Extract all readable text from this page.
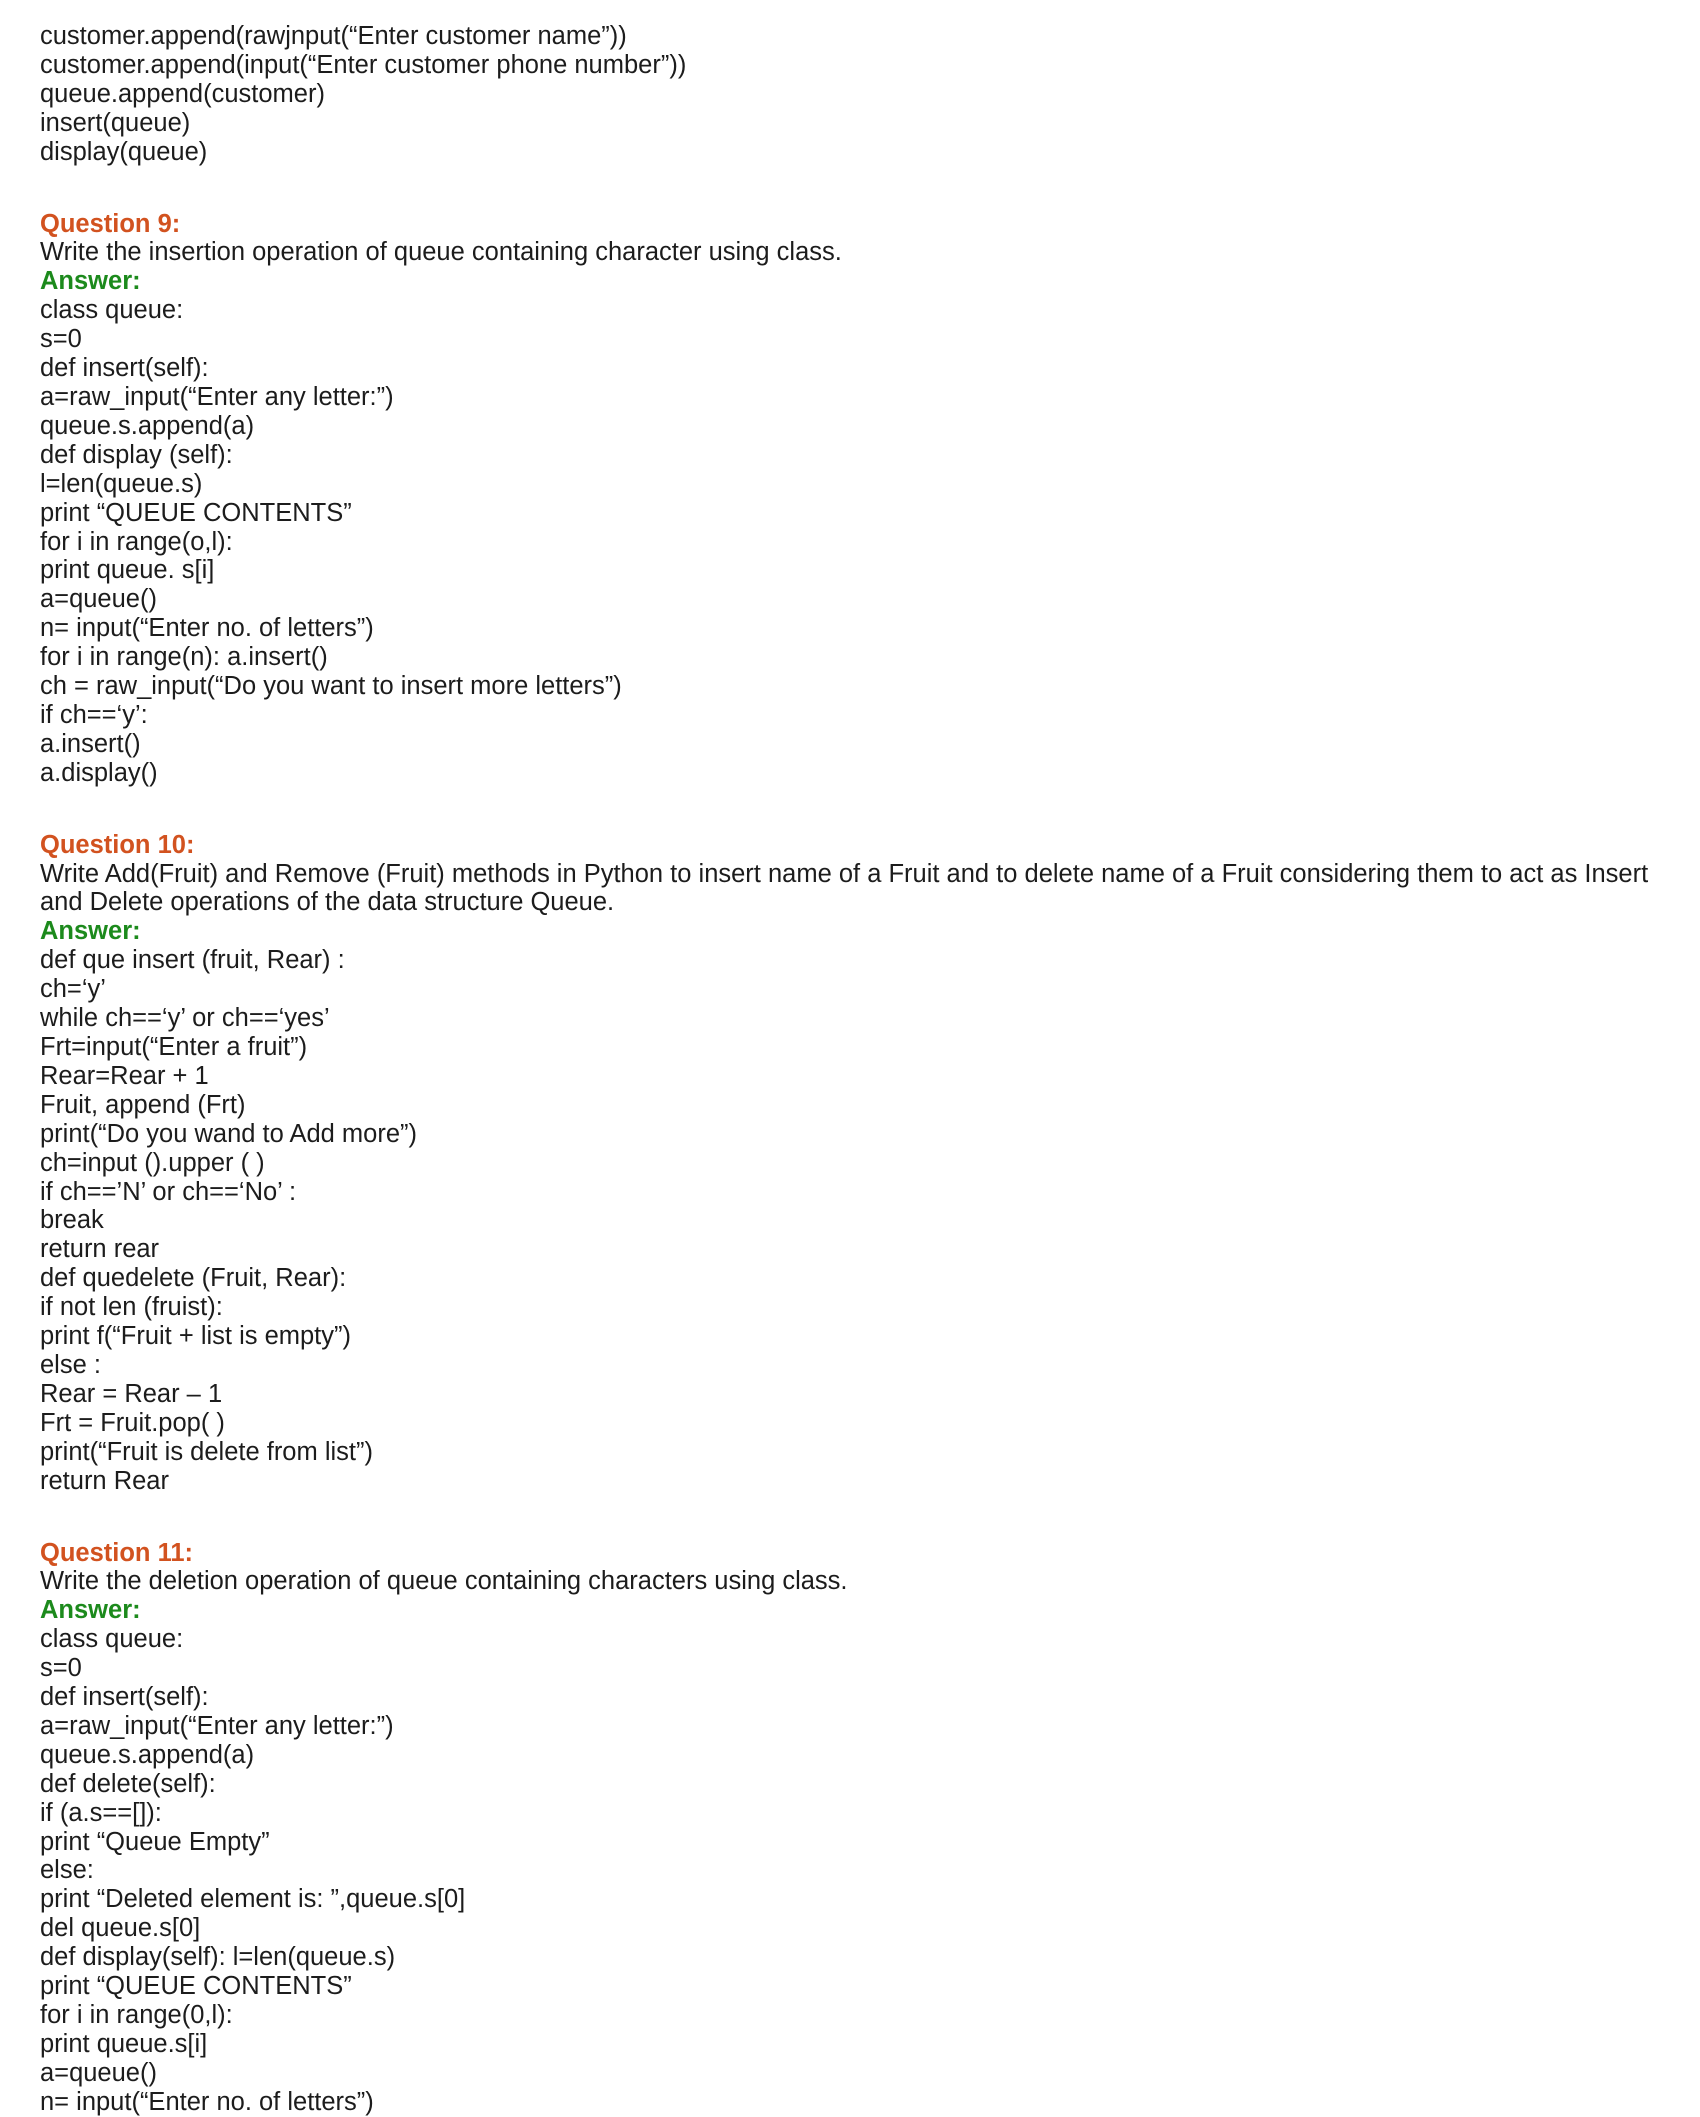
customer.append(rawjnput(“Enter customer name”))
customer.append(input(“Enter customer phone number”))
queue.append(customer)
insert(queue)
display(queue)
Question 9:
Write the insertion operation of queue containing character using class.
Answer:
class queue:
s=0
def insert(self):
a=raw_input(“Enter any letter:”)
queue.s.append(a)
def display (self):
l=len(queue.s)
print “QUEUE CONTENTS”
for i in range(o,l):
print queue. s[i]
a=queue()
n= input(“Enter no. of letters”)
for i in range(n): a.insert()
ch = raw_input(“Do you want to insert more letters”)
if ch==‘y’:
a.insert()
a.display()
Question 10:
Write Add(Fruit) and Remove (Fruit) methods in Python to insert name of a Fruit and to delete name of a Fruit considering them to act as Insert
and Delete operations of the data structure Queue.
Answer:
def que insert (fruit, Rear) :
ch=‘y’
while ch==‘y’ or ch==‘yes’
Frt=input(“Enter a fruit”)
Rear=Rear + 1
Fruit, append (Frt)
print(“Do you wand to Add more”)
ch=input ().upper ( )
if ch==’N’ or ch==‘No’ :
break
return rear
def quedelete (Fruit, Rear):
if not len (fruist):
print f(“Fruit + list is empty”)
else :
Rear = Rear – 1
Frt = Fruit.pop( )
print(“Fruit is delete from list”)
return Rear
Question 11:
Write the deletion operation of queue containing characters using class.
Answer:
class queue:
s=0
def insert(self):
a=raw_input(“Enter any letter:”)
queue.s.append(a)
def delete(self):
if (a.s==[]):
print “Queue Empty”
else:
print “Deleted element is: ”,queue.s[0]
del queue.s[0]
def display(self): l=len(queue.s)
print “QUEUE CONTENTS”
for i in range(0,l):
print queue.s[i]
a=queue()
n= input(“Enter no. of letters”)
